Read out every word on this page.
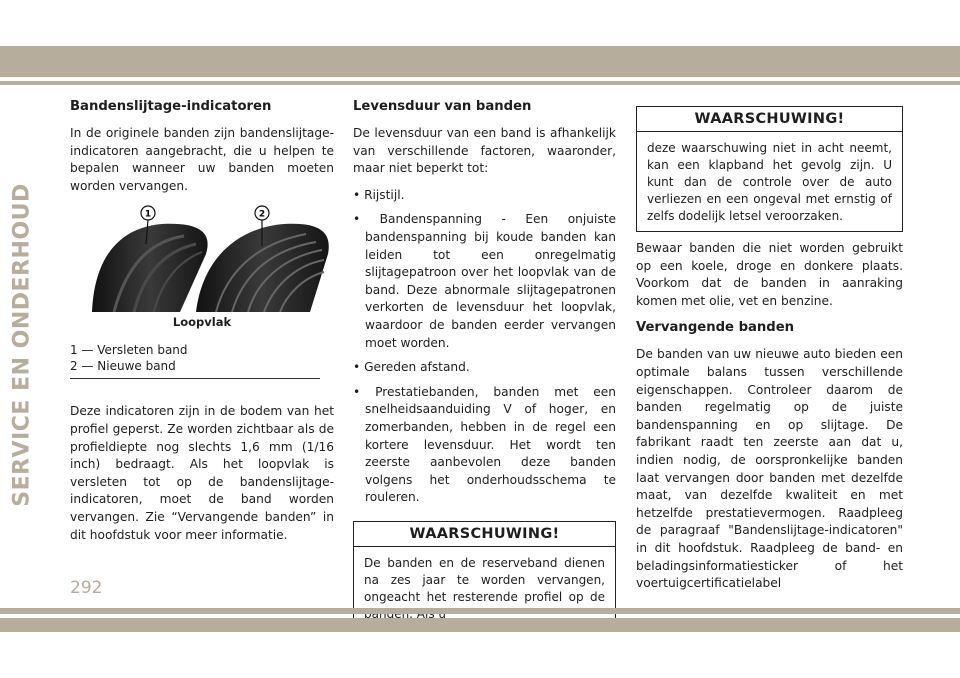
SERVICE EN ONDERHOUD
Bandenslijtage-indicatoren

In de originele banden zijn bandenslijtage-indicatoren aangebracht, die u helpen te bepalen wanneer uw banden moeten worden vervangen.

1	2
Loopvlak
1 — Versleten band
2 — Nieuwe band

Deze indicatoren zijn in de bodem van het profiel geperst. Ze worden zichtbaar als de profieldiepte nog slechts 1,6 mm (1/16 inch) bedraagt. Als het loopvlak is versleten tot op de bandenslijtage-indicatoren, moet de band worden vervangen. Zie “Vervangende banden” in dit hoofdstuk voor meer informatie.

Levensduur van banden

De levensduur van een band is afhankelijk van verschillende factoren, waaronder, maar niet beperkt tot:

• Rijstijl.
• Bandenspanning - Een onjuiste bandenspanning bij koude banden kan leiden tot een onregelmatig slijtagepatroon over het loopvlak van de band. Deze abnormale slijtagepatronen verkorten de levensduur het loopvlak, waardoor de banden eerder vervangen moet worden.
• Gereden afstand.
• Prestatiebanden, banden met een snelheidsaanduiding V of hoger, en zomerbanden, hebben in de regel een kortere levensduur. Het wordt ten zeerste aanbevolen deze banden volgens het onderhoudsschema te rouleren.
WAARSCHUWING!
De banden en de reserveband dienen na zes jaar te worden vervangen, ongeacht het resterende profiel op de
WAARSCHUWING!
deze waarschuwing niet in acht neemt, kan een klapband het gevolg zijn. U kunt dan de controle over de auto verliezen en een ongeval met ernstig of zelfs dodelijk letsel veroorzaken.

Bewaar banden die niet worden gebruikt op een koele, droge en donkere plaats. Voorkom dat de banden in aanraking komen met olie, vet en benzine.

Vervangende banden

De banden van uw nieuwe auto bieden een optimale balans tussen verschillende eigenschappen. Controleer daarom de banden regelmatig op de juiste bandenspanning en op slijtage. De fabrikant raadt ten zeerste aan dat u, indien nodig, de oorspronkelijke banden laat vervangen door banden met dezelfde maat, van dezelfde kwaliteit en met hetzelfde prestatievermogen. Raadpleeg de paragraaf "Bandenslijtage-indicatoren" in dit hoofdstuk. Raadpleeg de band- en beladingsinformatiesticker of het voertuigcertificatielabel

292
